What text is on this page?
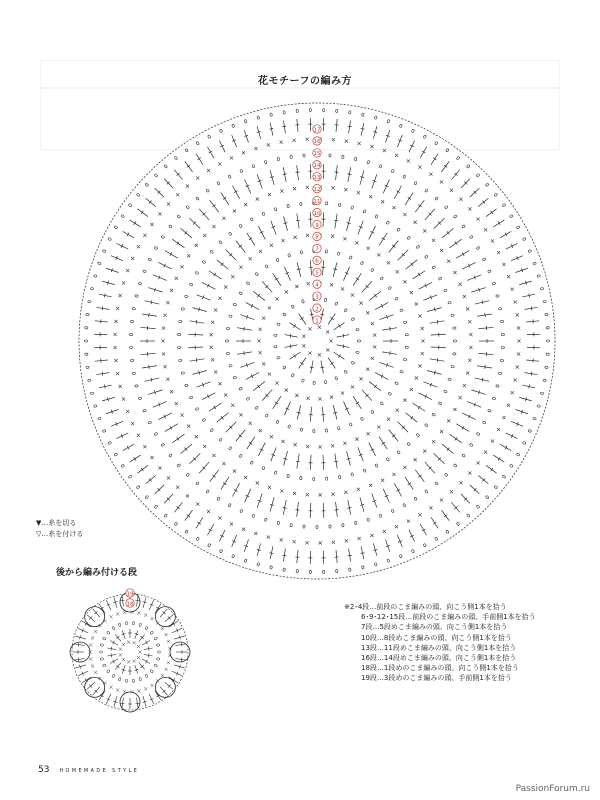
花モチーフの編み方
17
16
15
14
13
12
11
10
9
8
7
6
5
4
3
2
1
19
18
▼…糸を切る
▽…糸を付ける
後から編み付ける段
※2･4段…前段のこま編みの頭、向こう側1本を拾う
6･9･12･15段…前段のこま編みの頭、手前側1本を拾う
7段…5段めこま編みの頭、向こう側1本を拾う
10段…8段めこま編みの頭、向こう側1本を拾う
13段…11段めこま編みの頭、向こう側1本を拾う
16段…14段めこま編みの頭、向こう側1本を拾う
18段…1段めのこま編みの頭、向こう側1本を拾う
19段…3段めのこま編みの頭、手前側1本を拾う
53 HOMEMADE STYLE
PassionForum.ru
